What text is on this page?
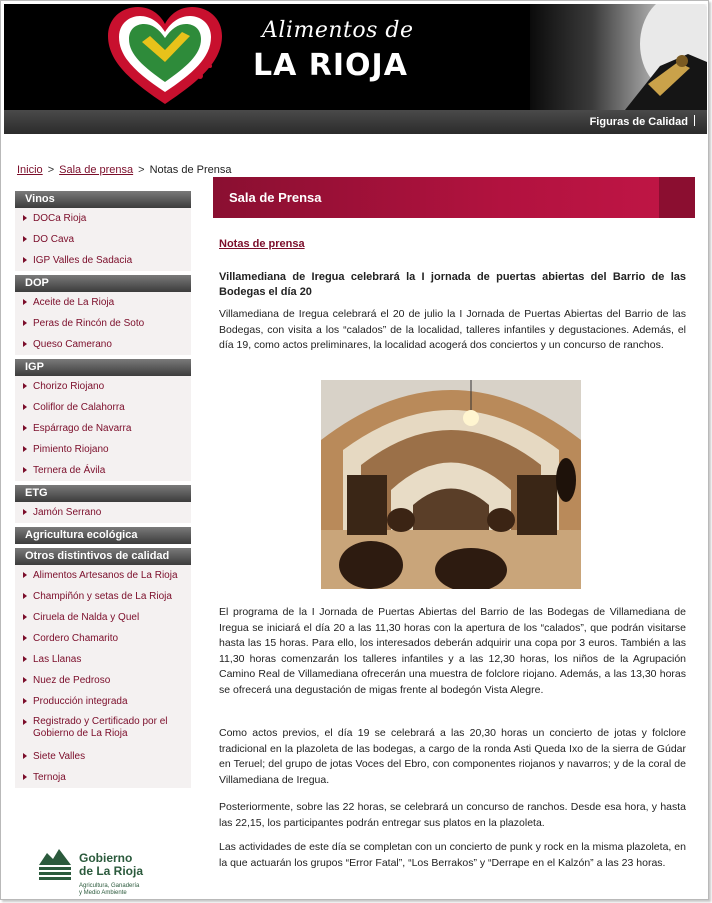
Alimentos de
LA RIOJA
Figuras de Calidad
Inicio > Sala de prensa > Notas de Prensa
Vinos
DOCa Rioja
DO Cava
IGP Valles de Sadacia
DOP
Aceite de La Rioja
Peras de Rincón de Soto
Queso Camerano
IGP
Chorizo Riojano
Coliflor de Calahorra
Espárrago de Navarra
Pimiento Riojano
Ternera de Ávila
ETG
Jamón Serrano
Agricultura ecológica
Otros distintivos de calidad
Alimentos Artesanos de La Rioja
Champiñón y setas de La Rioja
Ciruela de Nalda y Quel
Cordero Chamarito
Las Llanas
Nuez de Pedroso
Producción integrada
Registrado y Certificado por el Gobierno de La Rioja
Siete Valles
Ternoja
Gobierno
de La Rioja
Agricultura, Ganadería
y Medio Ambiente
Sala de Prensa
Notas de prensa
Villamediana de Iregua celebrará la I jornada de puertas abiertas del Barrio de las Bodegas el día 20

Villamediana de Iregua celebrará el 20 de julio la I Jornada de Puertas Abiertas del Barrio de las Bodegas, con visita a los “calados” de la localidad, talleres infantiles y degustaciones. Además, el día 19, como actos preliminares, la localidad acogerá dos conciertos y un concurso de ranchos.

El programa de la I Jornada de Puertas Abiertas del Barrio de las Bodegas de Villamediana de Iregua se iniciará el día 20 a las 11,30 horas con la apertura de los “calados”, que podrán visitarse hasta las 15 horas. Para ello, los interesados deberán adquirir una copa por 3 euros. También a las 11,30 horas comenzarán los talleres infantiles y a las 12,30 horas, los niños de la Agrupación Camino Real de Villamediana ofrecerán una muestra de folclore riojano. Además, a las 13,30 horas se ofrecerá una degustación de migas frente al bodegón Vista Alegre.

Como actos previos, el día 19 se celebrará a las 20,30 horas un concierto de jotas y folclore tradicional en la plazoleta de las bodegas, a cargo de la ronda Asti Queda Ixo de la sierra de Gúdar en Teruel; del grupo de jotas Voces del Ebro, con componentes riojanos y navarros; y de la coral de Villamediana de Iregua.

Posteriormente, sobre las 22 horas, se celebrará un concurso de ranchos. Desde esa hora, y hasta las 22,15, los participantes podrán entregar sus platos en la plazoleta.

Las actividades de este día se completan con un concierto de punk y rock en la misma plazoleta, en la que actuarán los grupos “Error Fatal”, “Los Berrakos” y “Derrape en el Kalzón” a las 23 horas.
